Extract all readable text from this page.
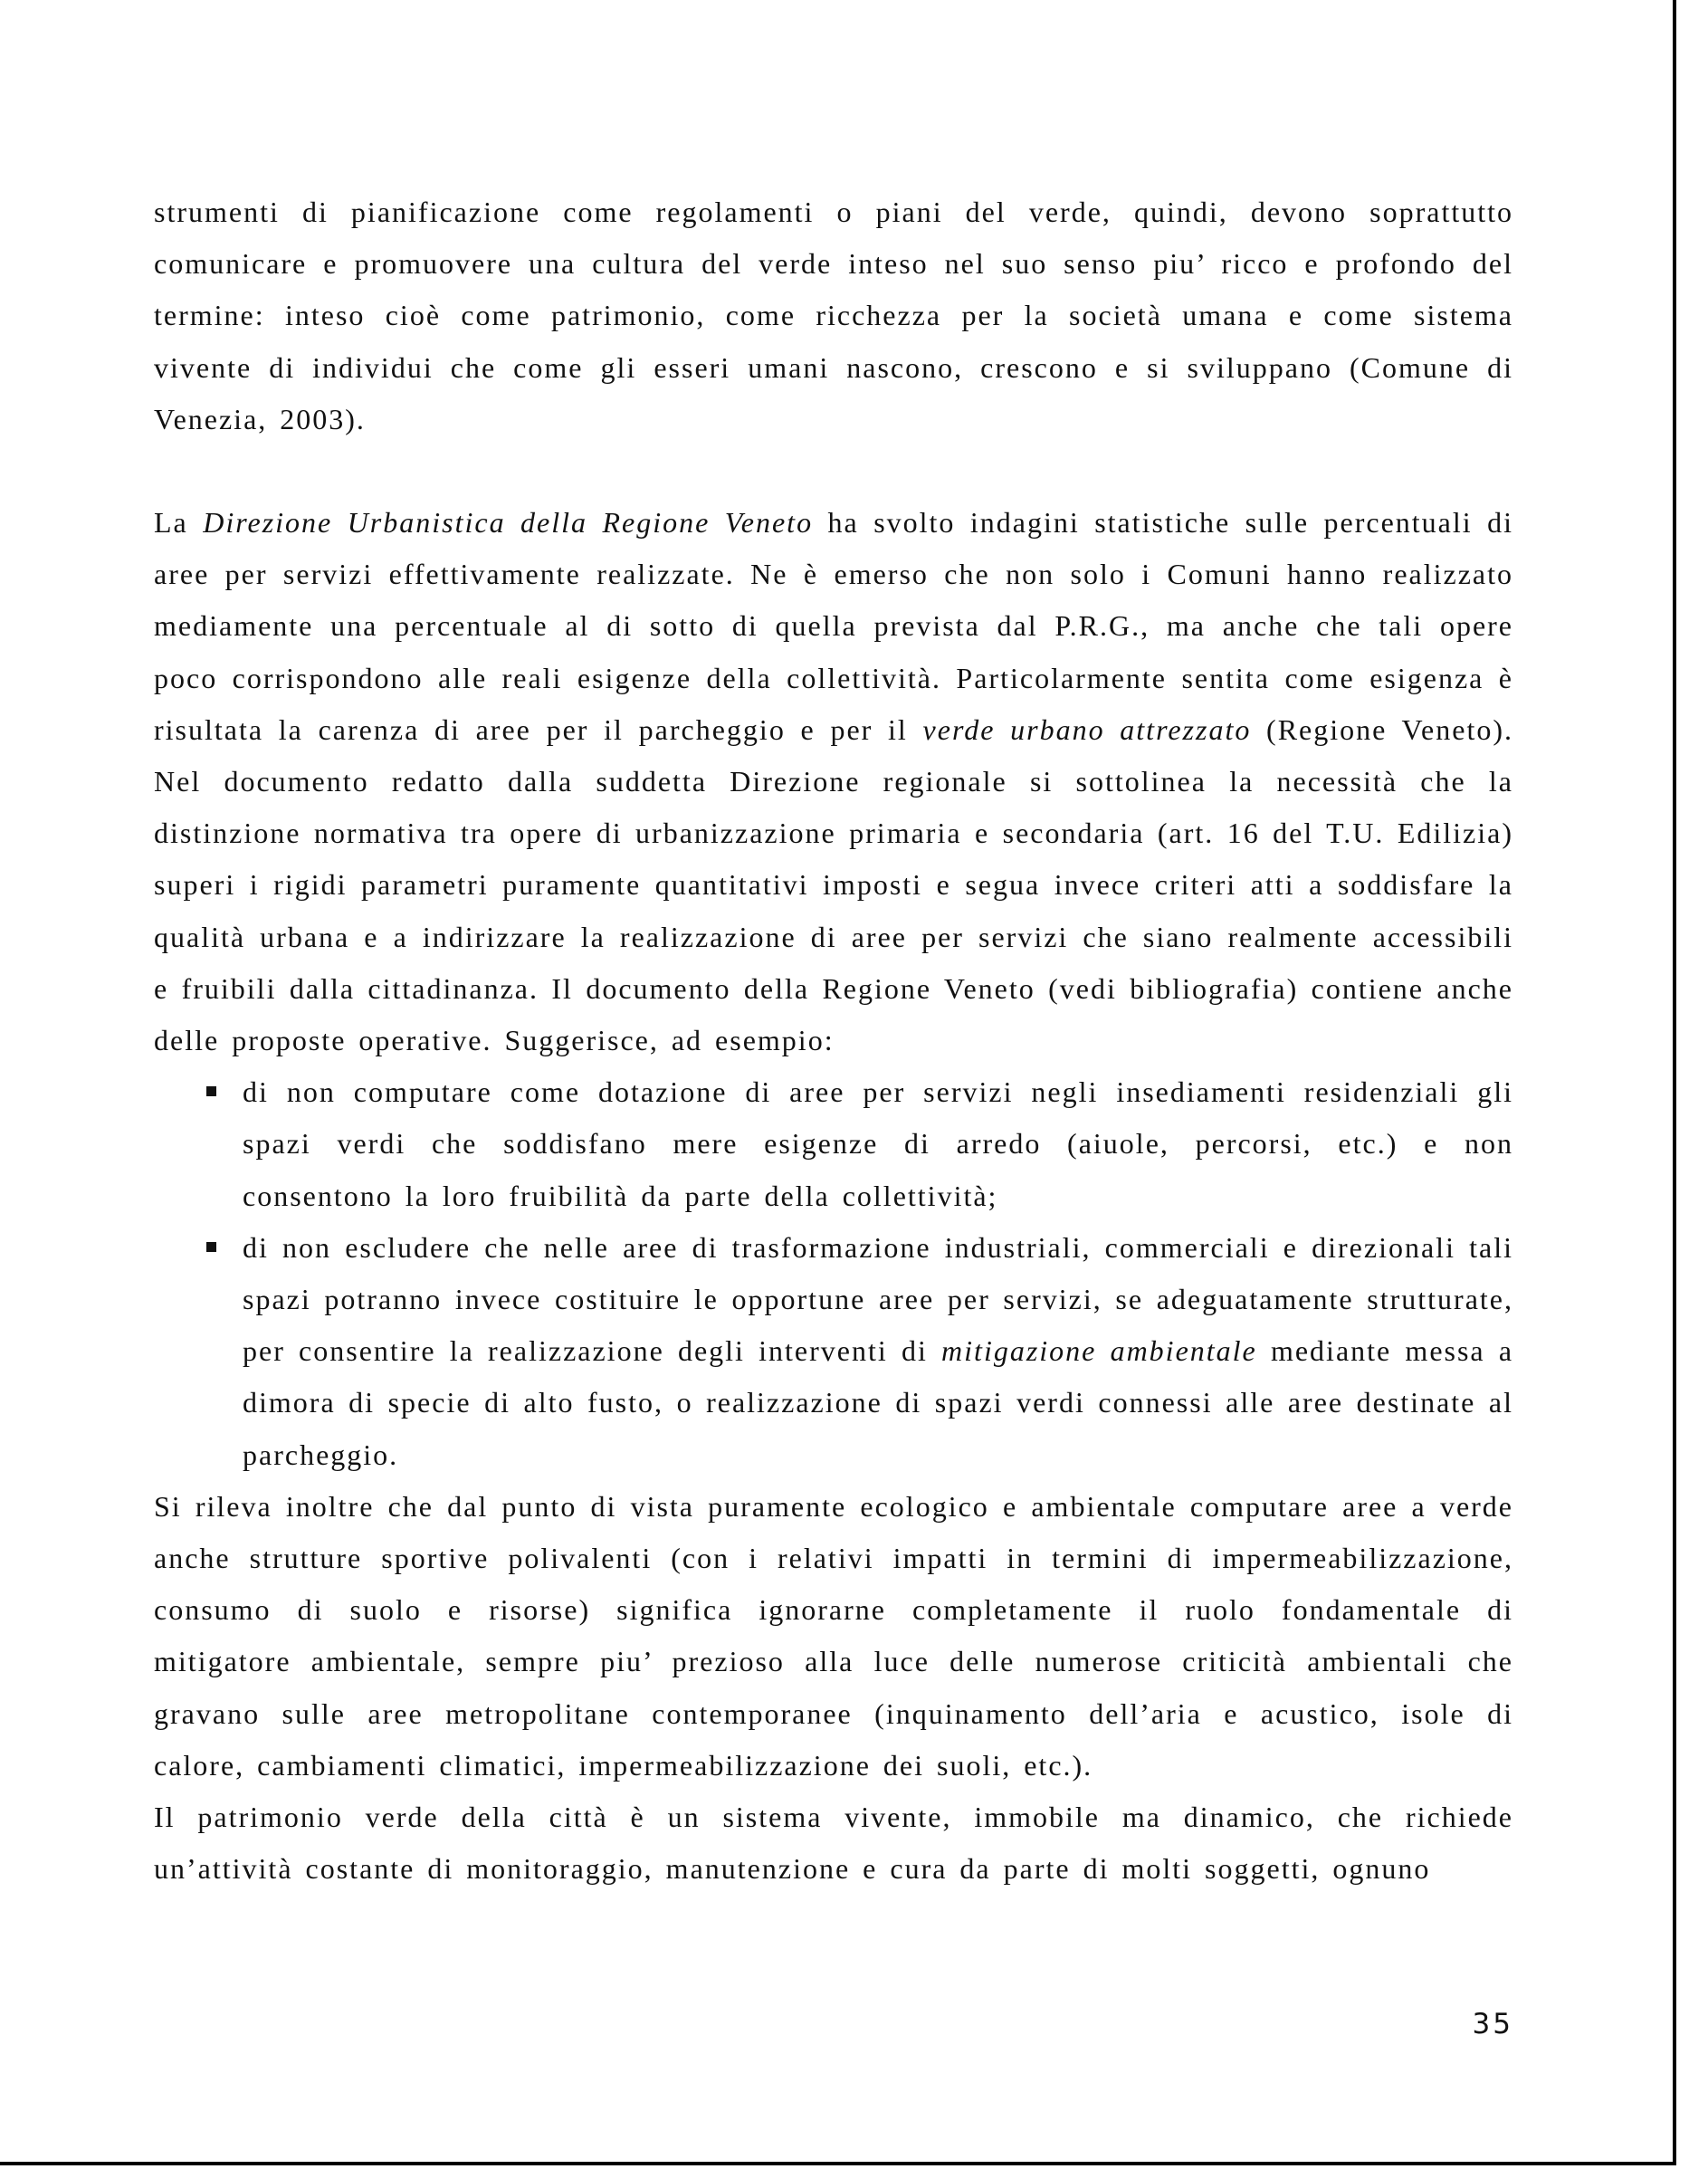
strumenti di pianificazione come regolamenti o piani del verde, quindi, devono soprattutto comunicare e promuovere una cultura del verde inteso nel suo senso piu’ ricco e profondo del termine: inteso cioè come patrimonio, come ricchezza per la società umana e come sistema vivente di individui che come gli esseri umani nascono, crescono e si sviluppano (Comune di Venezia, 2003).

La Direzione Urbanistica della Regione Veneto ha svolto indagini statistiche sulle percentuali di aree per servizi effettivamente realizzate. Ne è emerso che non solo i Comuni hanno realizzato mediamente una percentuale al di sotto di quella prevista dal P.R.G., ma anche che tali opere poco corrispondono alle reali esigenze della collettività. Particolarmente sentita come esigenza è risultata la carenza di aree per il parcheggio e per il verde urbano attrezzato (Regione Veneto). Nel documento redatto dalla suddetta Direzione regionale si sottolinea la necessità che la distinzione normativa tra opere di urbanizzazione primaria e secondaria (art. 16 del T.U. Edilizia) superi i rigidi parametri puramente quantitativi imposti e segua invece criteri atti a soddisfare la qualità urbana e a indirizzare la realizzazione di aree per servizi che siano realmente accessibili e fruibili dalla cittadinanza. Il documento della Regione Veneto (vedi bibliografia) contiene anche delle proposte operative. Suggerisce, ad esempio:

di non computare come dotazione di aree per servizi negli insediamenti residenziali gli spazi verdi che soddisfano mere esigenze di arredo (aiuole, percorsi, etc.) e non consentono la loro fruibilità da parte della collettività;
di non escludere che nelle aree di trasformazione industriali, commerciali e direzionali tali spazi potranno invece costituire le opportune aree per servizi, se adeguatamente strutturate, per consentire la realizzazione degli interventi di mitigazione ambientale mediante messa a dimora di specie di alto fusto, o realizzazione di spazi verdi connessi alle aree destinate al parcheggio.

Si rileva inoltre che dal punto di vista puramente ecologico e ambientale computare aree a verde anche strutture sportive polivalenti (con i relativi impatti in termini di impermeabilizzazione, consumo di suolo e risorse) significa ignorarne completamente il ruolo fondamentale di mitigatore ambientale, sempre piu’ prezioso alla luce delle numerose criticità ambientali che gravano sulle aree metropolitane contemporanee (inquinamento dell’aria e acustico, isole di calore, cambiamenti climatici, impermeabilizzazione dei suoli, etc.).

Il patrimonio verde della città è un sistema vivente, immobile ma dinamico, che richiede un’attività costante di monitoraggio, manutenzione e cura da parte di molti soggetti, ognuno

35
